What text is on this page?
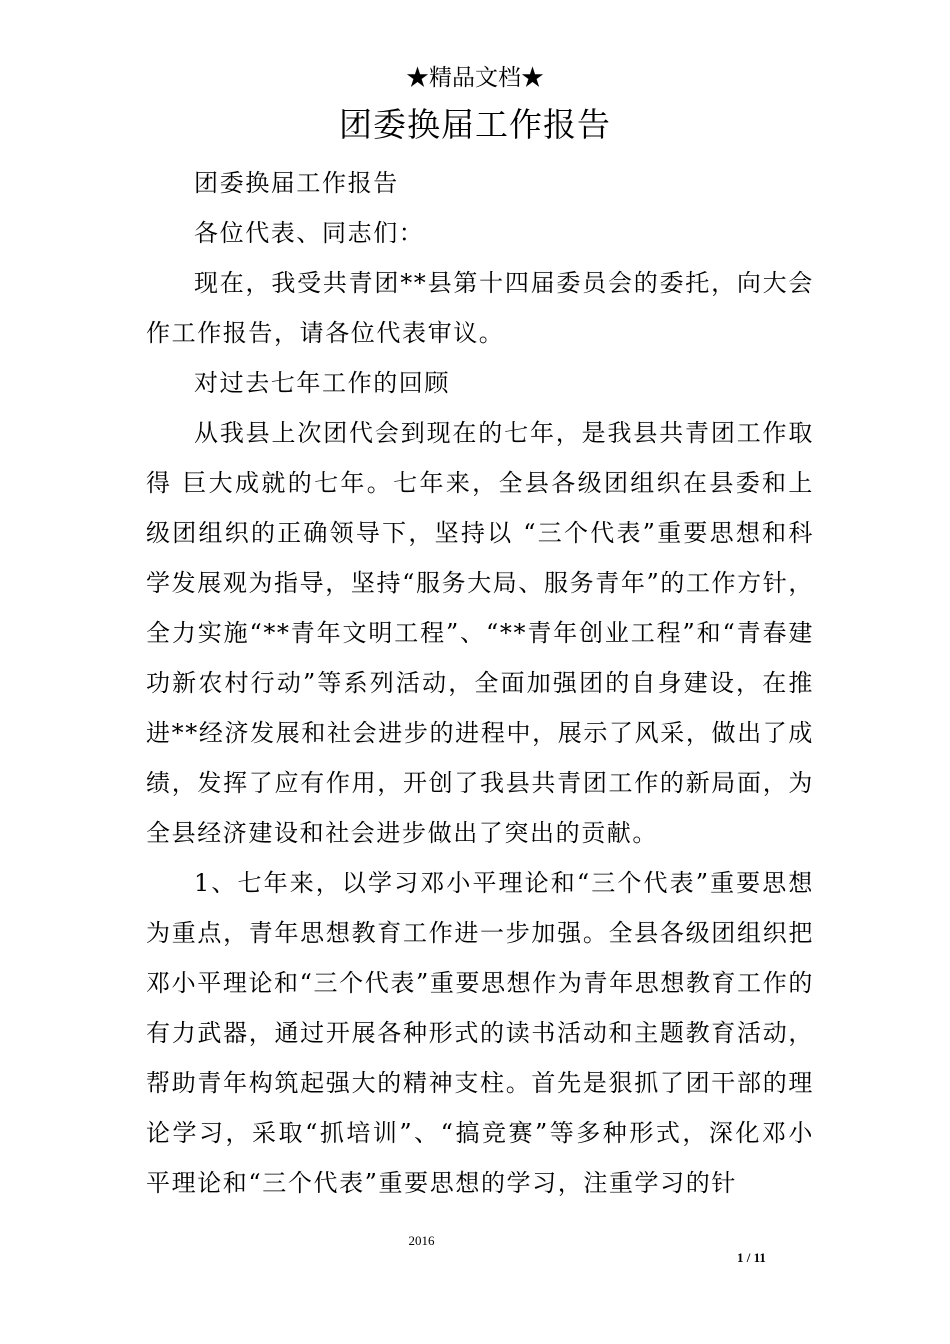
★精品文档★
团委换届工作报告

团委换届工作报告

各位代表、同志们：

现在，我受共青团**县第十四届委员会的委托，向大会作工作报告，请各位代表审议。

对过去七年工作的回顾

从我县上次团代会到现在的七年，是我县共青团工作取得 巨大成就的七年。七年来，全县各级团组织在县委和上级团组织的正确领导下，坚持以 “三个代表”重要思想和科学发展观为指导，坚持“服务大局、服务青年”的工作方针，全力实施“**青年文明工程”、“**青年创业工程”和“青春建功新农村行动”等系列活动，全面加强团的自身建设，在推进**经济发展和社会进步的进程中，展示了风采，做出了成绩，发挥了应有作用，开创了我县共青团工作的新局面，为全县经济建设和社会进步做出了突出的贡献。

1、七年来，以学习邓小平理论和“三个代表”重要思想为重点，青年思想教育工作进一步加强。全县各级团组织把邓小平理论和“三个代表”重要思想作为青年思想教育工作的有力武器，通过开展各种形式的读书活动和主题教育活动，帮助青年构筑起强大的精神支柱。首先是狠抓了团干部的理论学习，采取“抓培训”、“搞竞赛”等多种形式，深化邓小平理论和“三个代表”重要思想的学习，注重学习的针

2016
1 / 11
